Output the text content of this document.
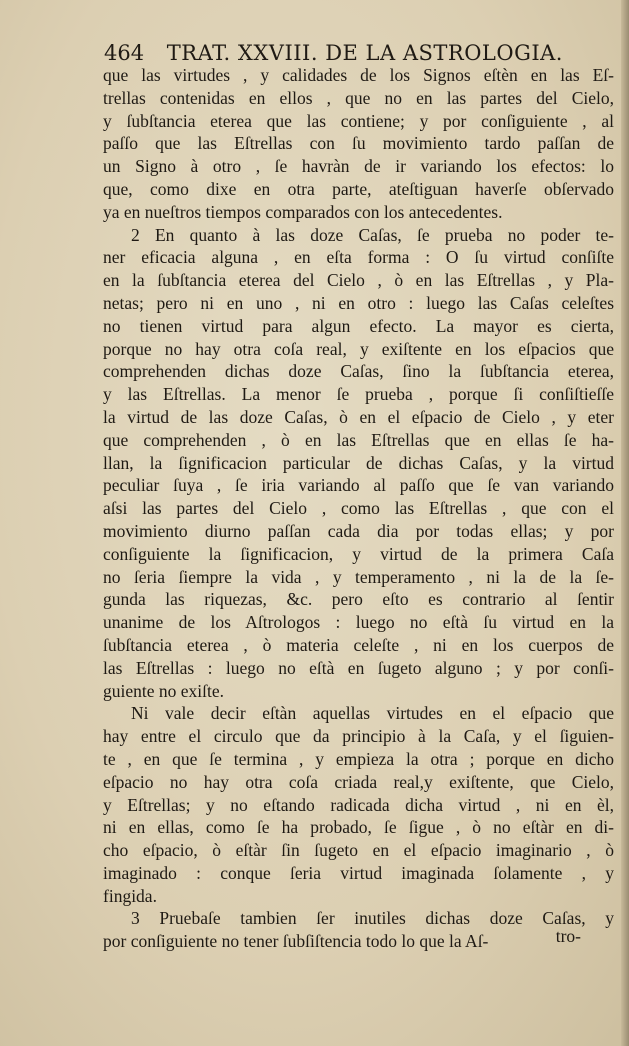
464 TRAT. XXVIII. DE LA ASTROLOGIA.
que las virtudes , y calidades de los Signos eſtèn en las Eſ-
trellas contenidas en ellos , que no en las partes del Cielo,
y ſubſtancia eterea que las contiene; y por conſiguiente , al
paſſo que las Eſtrellas con ſu movimiento tardo paſſan de
un Signo à otro , ſe havràn de ir variando los efectos: lo
que, como dixe en otra parte, ateſtiguan haverſe obſervado
ya en nueſtros tiempos comparados con los antecedentes.
2 En quanto à las doze Caſas, ſe prueba no poder te-
ner eficacia alguna , en eſta forma : O ſu virtud conſiſte
en la ſubſtancia eterea del Cielo , ò en las Eſtrellas , y Pla-
netas; pero ni en uno , ni en otro : luego las Caſas celeſtes
no tienen virtud para algun efecto. La mayor es cierta,
porque no hay otra coſa real, y exiſtente en los eſpacios que
comprehenden dichas doze Caſas, ſino la ſubſtancia eterea,
y las Eſtrellas. La menor ſe prueba , porque ſi conſiſtieſſe
la virtud de las doze Caſas, ò en el eſpacio de Cielo , y eter
que comprehenden , ò en las Eſtrellas que en ellas ſe ha-
llan, la ſignificacion particular de dichas Caſas, y la virtud
peculiar ſuya , ſe iria variando al paſſo que ſe van variando
aſsi las partes del Cielo , como las Eſtrellas , que con el
movimiento diurno paſſan cada dia por todas ellas; y por
conſiguiente la ſignificacion, y virtud de la primera Caſa
no ſeria ſiempre la vida , y temperamento , ni la de la ſe-
gunda las riquezas, &c. pero eſto es contrario al ſentir
unanime de los Aſtrologos : luego no eſtà ſu virtud en la
ſubſtancia eterea , ò materia celeſte , ni en los cuerpos de
las Eſtrellas : luego no eſtà en ſugeto alguno ; y por conſi-
guiente no exiſte.
Ni vale decir eſtàn aquellas virtudes en el eſpacio que
hay entre el circulo que da principio à la Caſa, y el ſiguien-
te , en que ſe termina , y empieza la otra ; porque en dicho
eſpacio no hay otra coſa criada real,y exiſtente, que Cielo,
y Eſtrellas; y no eſtando radicada dicha virtud , ni en èl,
ni en ellas, como ſe ha probado, ſe ſigue , ò no eſtàr en di-
cho eſpacio, ò eſtàr ſin ſugeto en el eſpacio imaginario , ò
imaginado : conque ſeria virtud imaginada ſolamente , y
fingida.
3 Pruebaſe tambien ſer inutiles dichas doze Caſas, y
por conſiguiente no tener ſubſiſtencia todo lo que la Aſ-	tro-
